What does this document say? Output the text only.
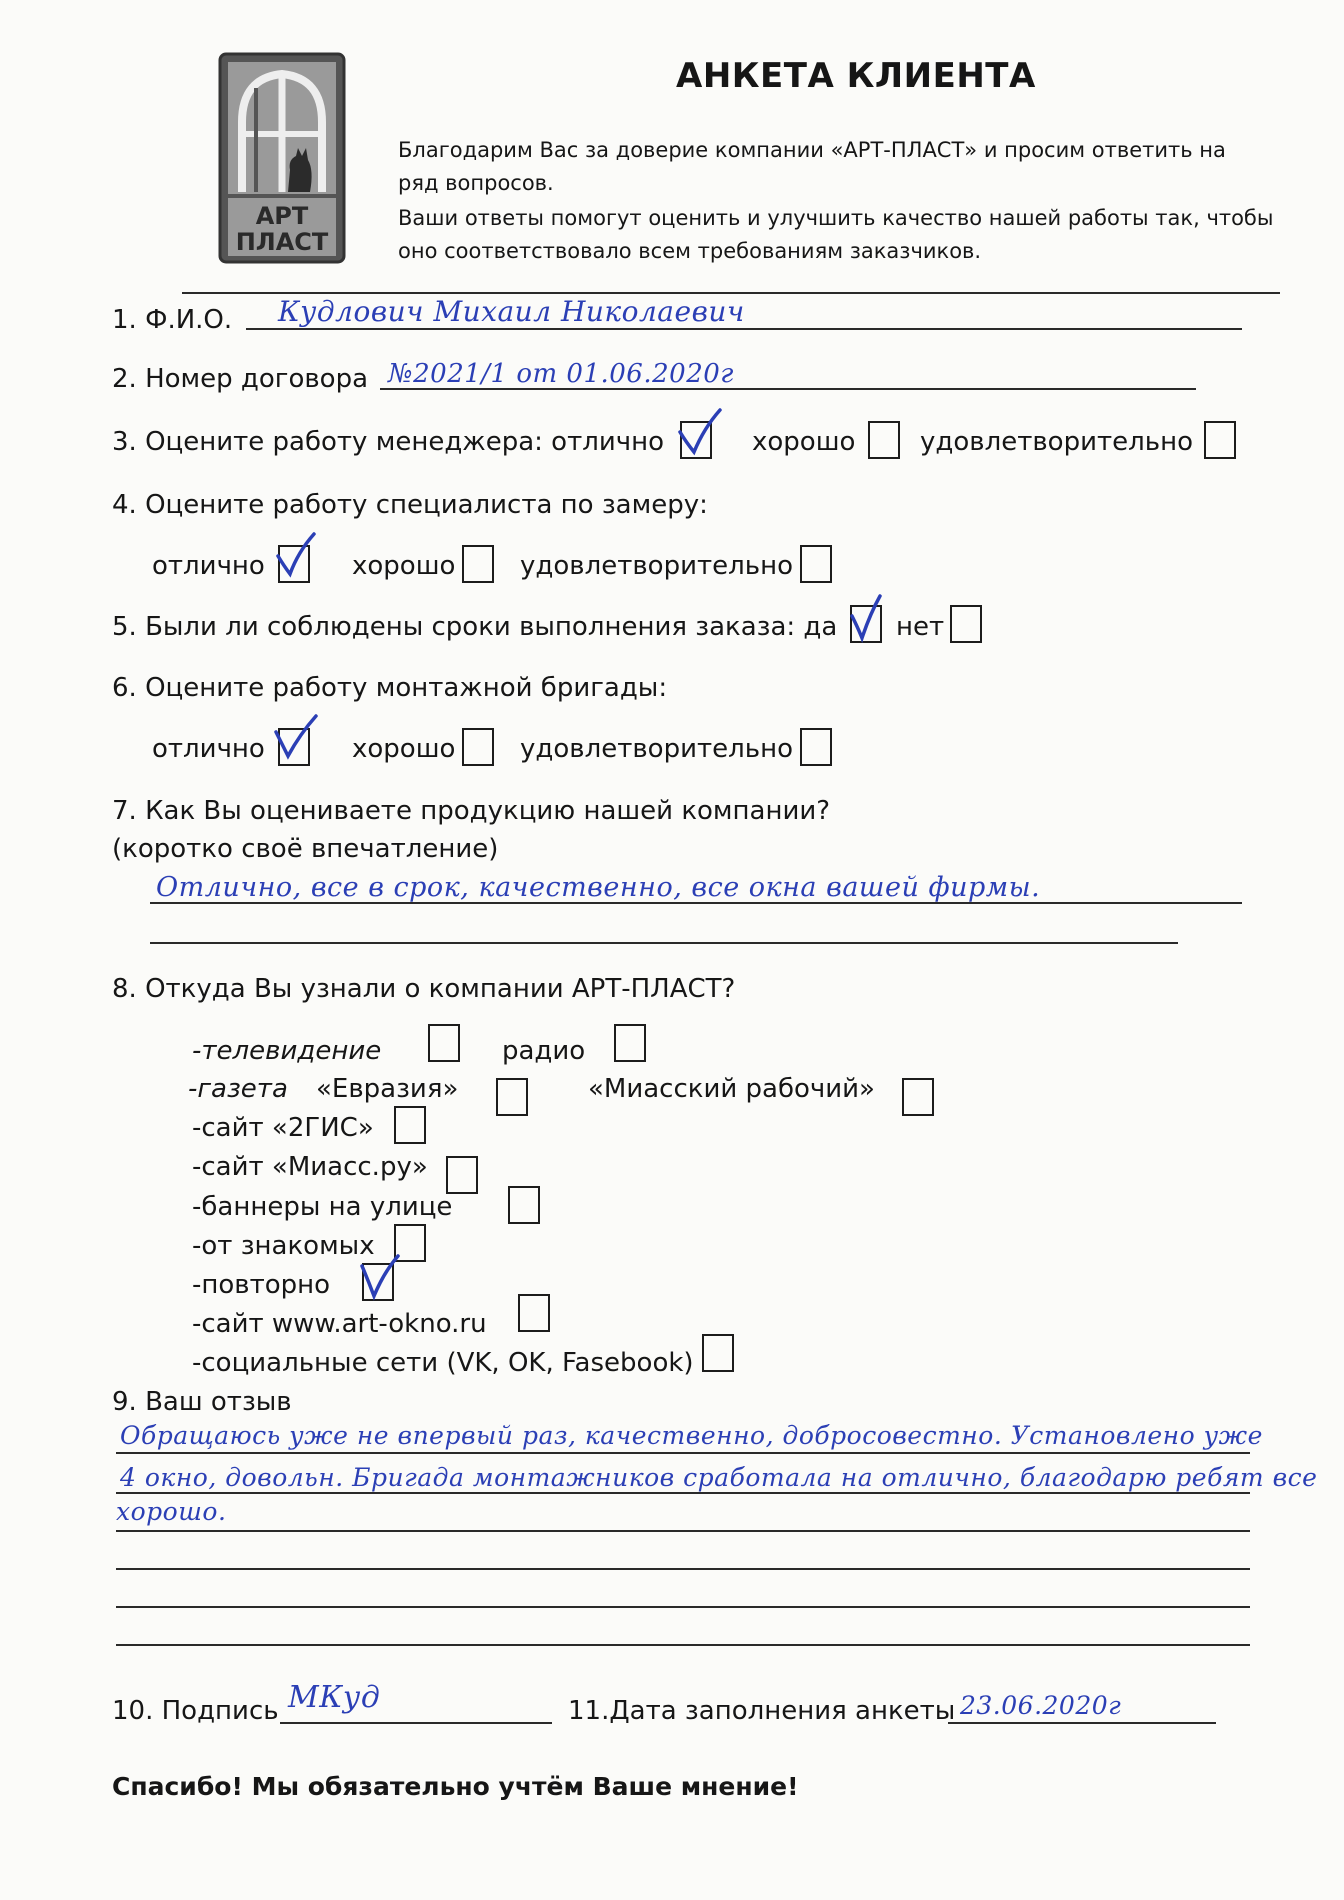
АРТ
ПЛАСТ
АНКЕТА КЛИЕНТА
Благодарим Вас за доверие компании «АРТ-ПЛАСТ» и просим ответить на
ряд вопросов.
Ваши ответы помогут оценить и улучшить качество нашей работы так, чтобы
оно соответствовало всем требованиям заказчиков.
1. Ф.И.О. Кудлович Михаил Николаевич
2. Номер договора №2021/1 от 01.06.2020г
3. Оцените работу менеджера: отлично	хорошо удовлетворительно
4. Оцените работу специалиста по замеру:
отлично	хорошо удовлетворительно
5. Были ли соблюдены сроки выполнения заказа: да нет
6. Оцените работу монтажной бригады:
отлично	хорошо удовлетворительно
7. Как Вы оцениваете продукцию нашей компании?
(коротко своё впечатление)
Отлично, все в срок, качественно, все окна вашей фирмы.
8. Откуда Вы узнали о компании АРТ-ПЛАСТ?
-телевидение	радио
-газета «Евразия»	«Миасский рабочий»
-сайт «2ГИС»
-сайт «Миасс.ру»
-баннеры на улице
-от знакомых
-повторно
-сайт www.art-okno.ru
-социальные сети (VK, OK, Fasebook)
9. Ваш отзыв
Обращаюсь уже не впервый раз, качественно, добросовестно. Установлено уже
4 окно, довольн. Бригада монтажников сработала на отлично, благодарю ребят все
хорошо.
10. Подпись МКуд	11.Дата заполнения анкеты 23.06.2020г
Спасибо! Мы обязательно учтём Ваше мнение!
